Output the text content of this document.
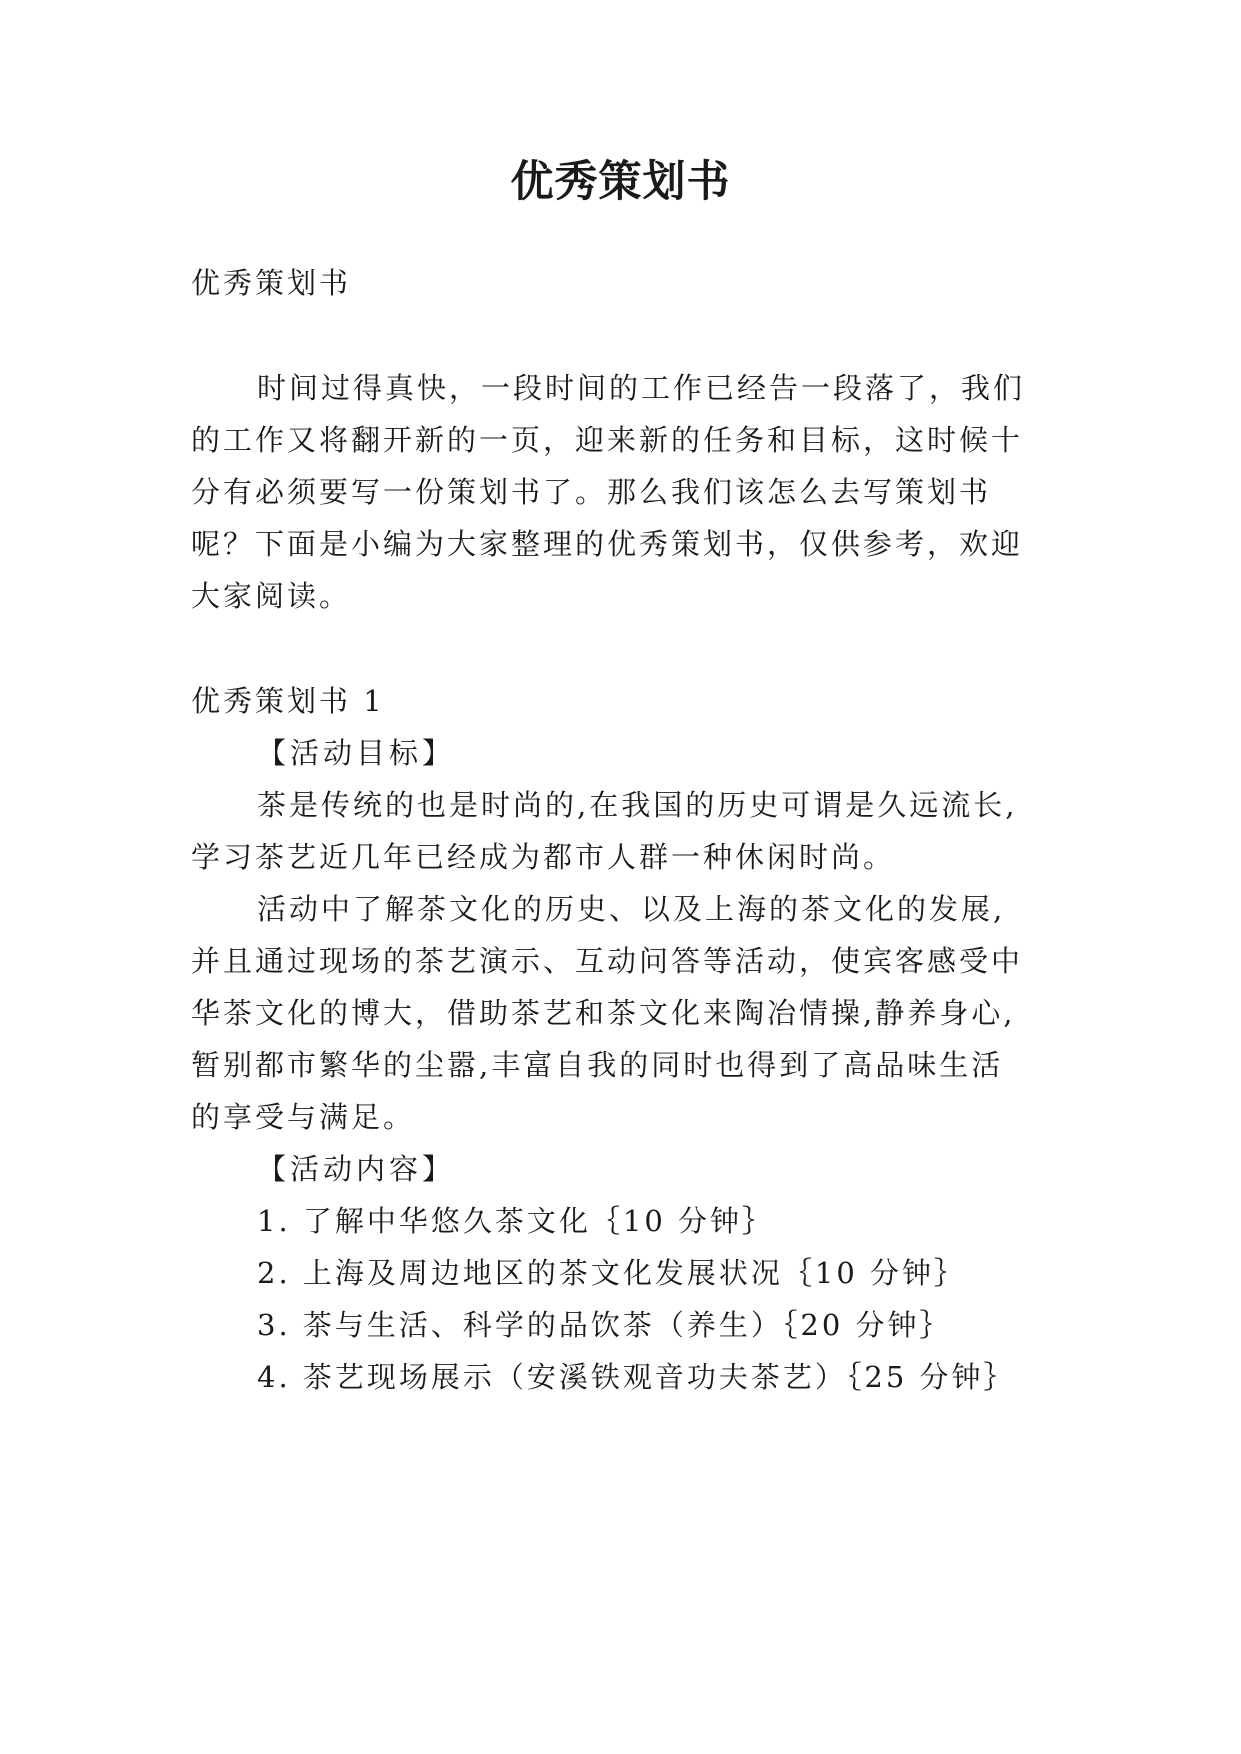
优秀策划书
优秀策划书
时间过得真快，一段时间的工作已经告一段落了，我们
的工作又将翻开新的一页，迎来新的任务和目标，这时候十
分有必须要写一份策划书了。那么我们该怎么去写策划书
呢？下面是小编为大家整理的优秀策划书，仅供参考，欢迎
大家阅读。
优秀策划书 1
【活动目标】
茶是传统的也是时尚的,在我国的历史可谓是久远流长,
学习茶艺近几年已经成为都市人群一种休闲时尚。
活动中了解茶文化的历史、以及上海的茶文化的发展,
并且通过现场的茶艺演示、互动问答等活动，使宾客感受中
华茶文化的博大，借助茶艺和茶文化来陶冶情操,静养身心,
暂别都市繁华的尘嚣,丰富自我的同时也得到了高品味生活
的享受与满足。
【活动内容】
1. 了解中华悠久茶文化｛10 分钟｝
2. 上海及周边地区的茶文化发展状况｛10 分钟｝
3. 茶与生活、科学的品饮茶（养生）｛20 分钟｝
4. 茶艺现场展示（安溪铁观音功夫茶艺）｛25 分钟｝
